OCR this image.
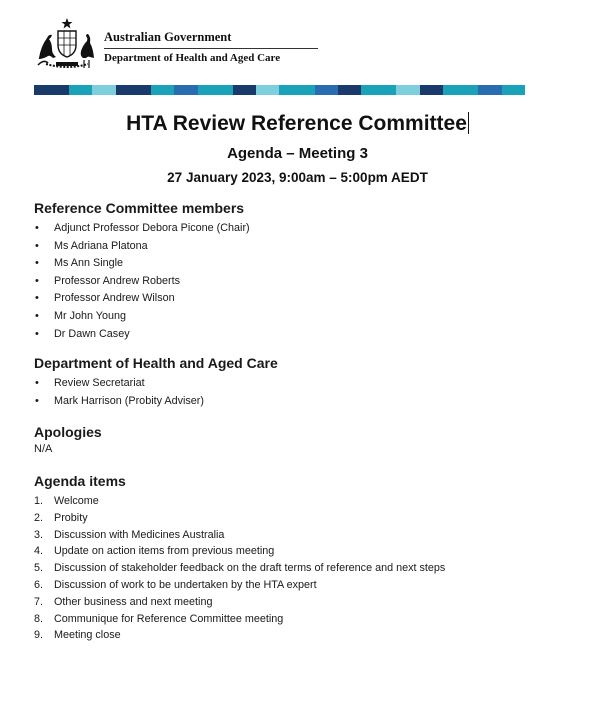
Australian Government
Department of Health and Aged Care
HTA Review Reference Committee
Agenda – Meeting 3
27 January 2023, 9:00am – 5:00pm AEDT
Reference Committee members
• Adjunct Professor Debora Picone (Chair)
• Ms Adriana Platona
• Ms Ann Single
• Professor Andrew Roberts
• Professor Andrew Wilson
• Mr John Young
• Dr Dawn Casey
Department of Health and Aged Care
• Review Secretariat
• Mark Harrison (Probity Adviser)
Apologies
N/A
Agenda items
1. Welcome
2. Probity
3. Discussion with Medicines Australia
4. Update on action items from previous meeting
5. Discussion of stakeholder feedback on the draft terms of reference and next steps
6. Discussion of work to be undertaken by the HTA expert
7. Other business and next meeting
8. Communique for Reference Committee meeting
9. Meeting close
